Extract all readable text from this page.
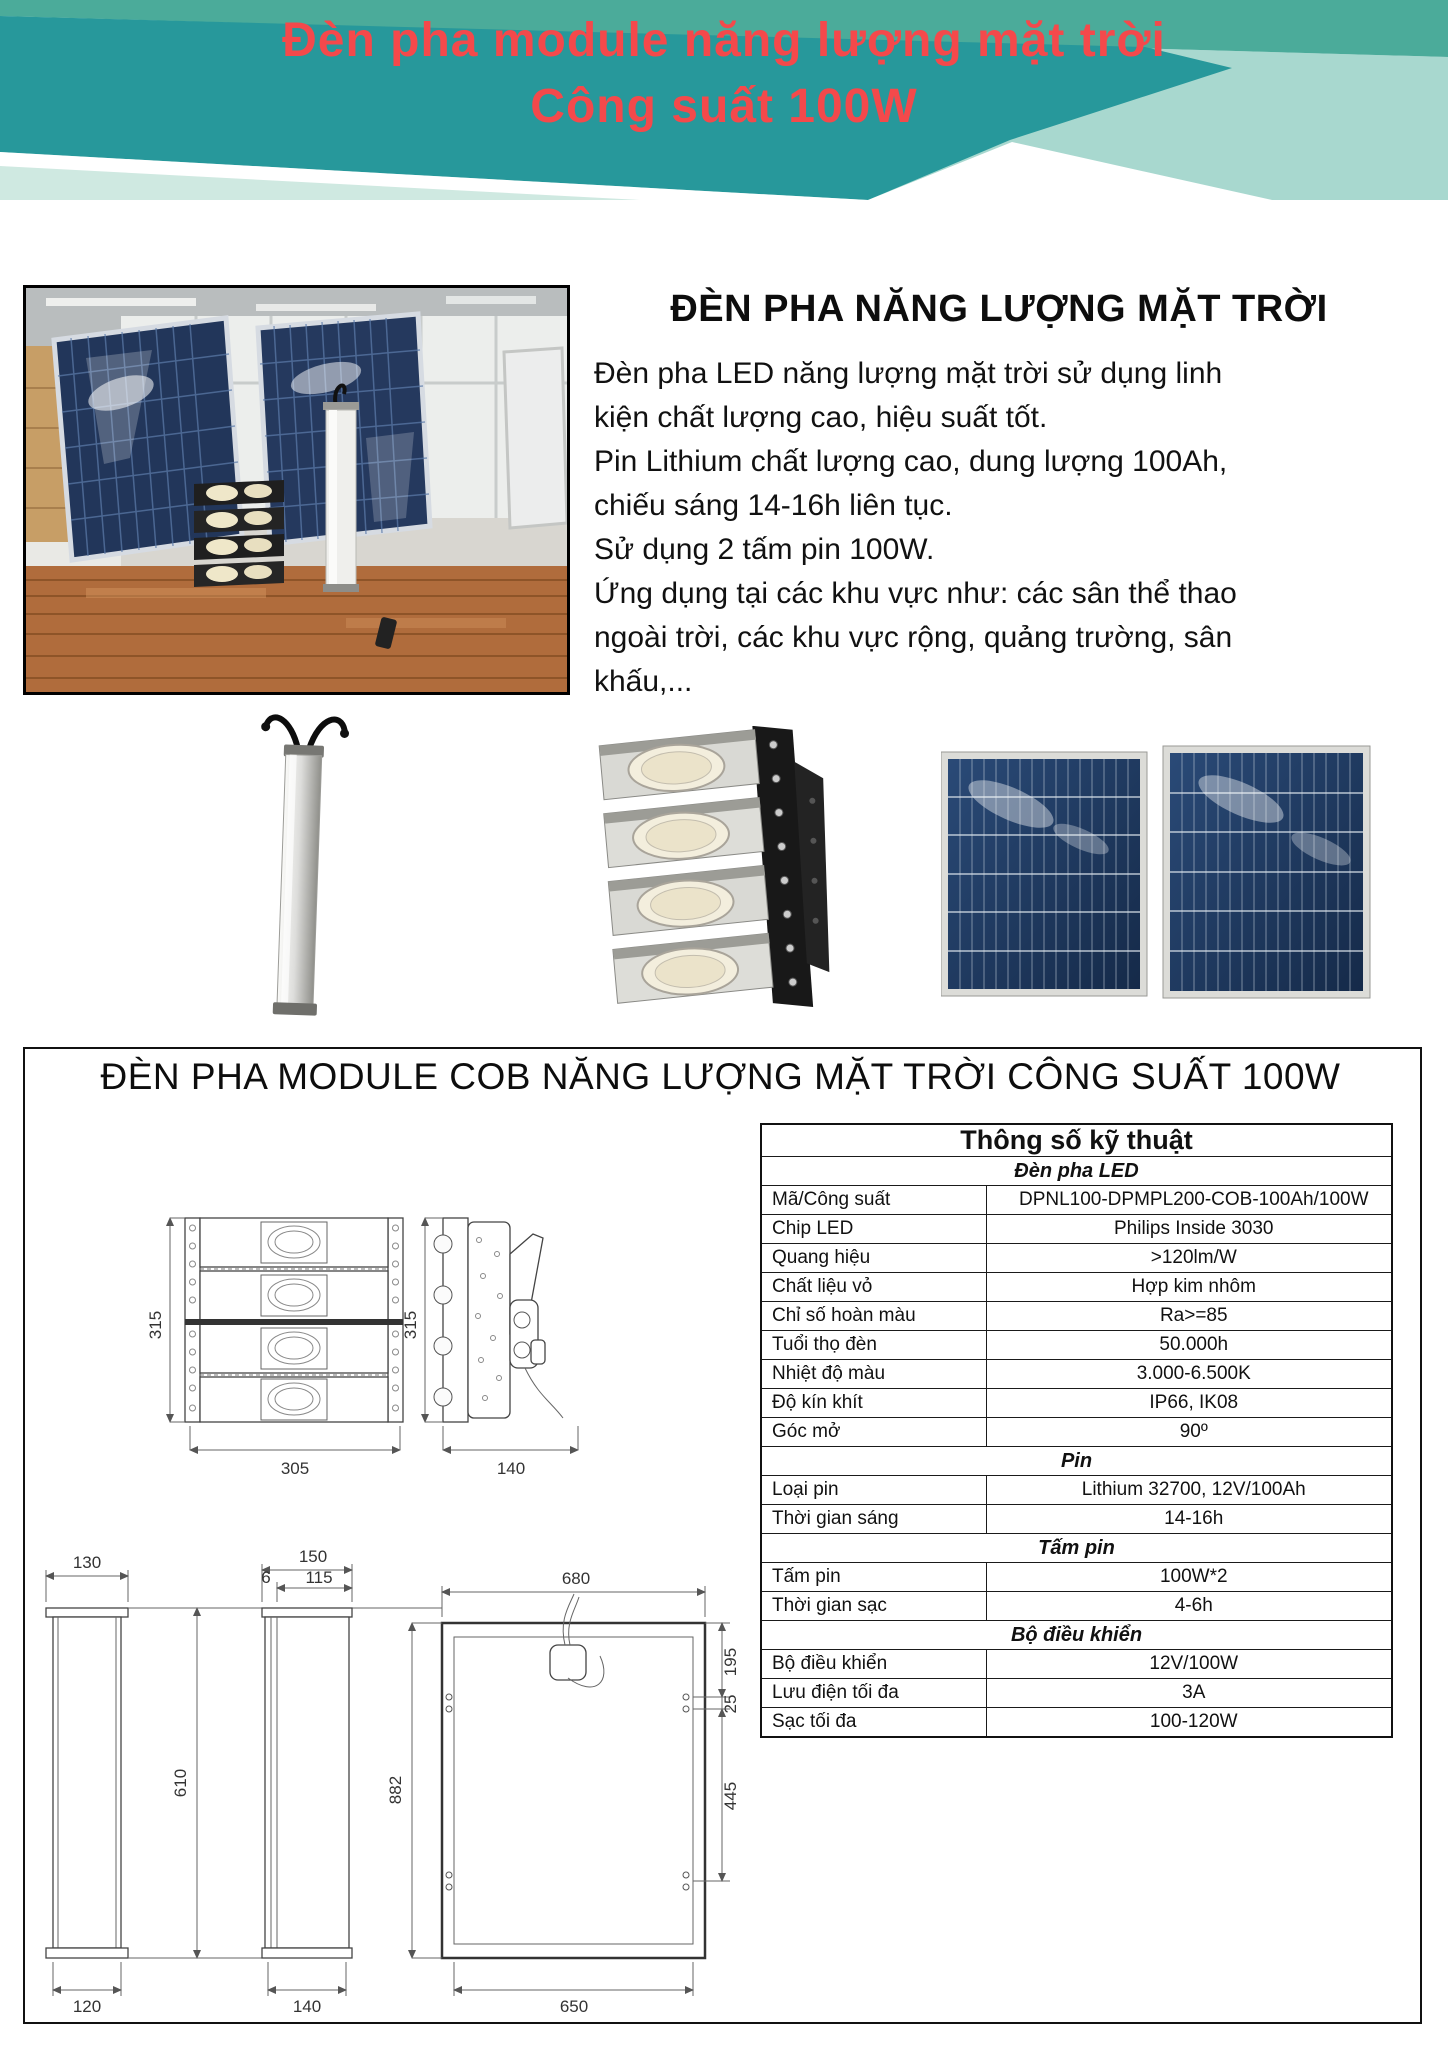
Đèn pha module năng lượng mặt trời
Công suất 100W
ĐÈN PHA NĂNG LƯỢNG MẶT TRỜI
Đèn pha LED năng lượng mặt trời sử dụng linh
kiện chất lượng cao, hiệu suất tốt.
Pin Lithium chất lượng cao, dung lượng 100Ah,
chiếu sáng 14-16h liên tục.
Sử dụng 2 tấm pin 100W.
Ứng dụng tại các khu vực như: các sân thể thao
ngoài trời, các khu vực rộng, quảng trường, sân
khấu,...
ĐÈN PHA MODULE COB NĂNG LƯỢNG MẶT TRỜI CÔNG SUẤT 100W
315
305
315
140
130
610
120
150
115
6
140
680
882
650
195
25
445
Thông số kỹ thuật	
Đèn pha LED	
Mã/Công suất	DPNL100-DPMPL200-COB-100Ah/100W
Chip LED	Philips Inside 3030
Quang hiệu	>120lm/W
Chất liệu vỏ	Hợp kim nhôm
Chỉ số hoàn màu	Ra>=85
Tuổi thọ đèn	50.000h
Nhiệt độ màu	3.000-6.500K
Độ kín khít	IP66, IK08
Góc mở	90º
Pin	
Loại pin	Lithium 32700, 12V/100Ah
Thời gian sáng	14-16h
Tấm pin	
Tấm pin	100W*2
Thời gian sạc	4-6h
Bộ điều khiển	
Bộ điều khiển	12V/100W
Lưu điện tối đa	3A
Sạc tối đa	100-120W
